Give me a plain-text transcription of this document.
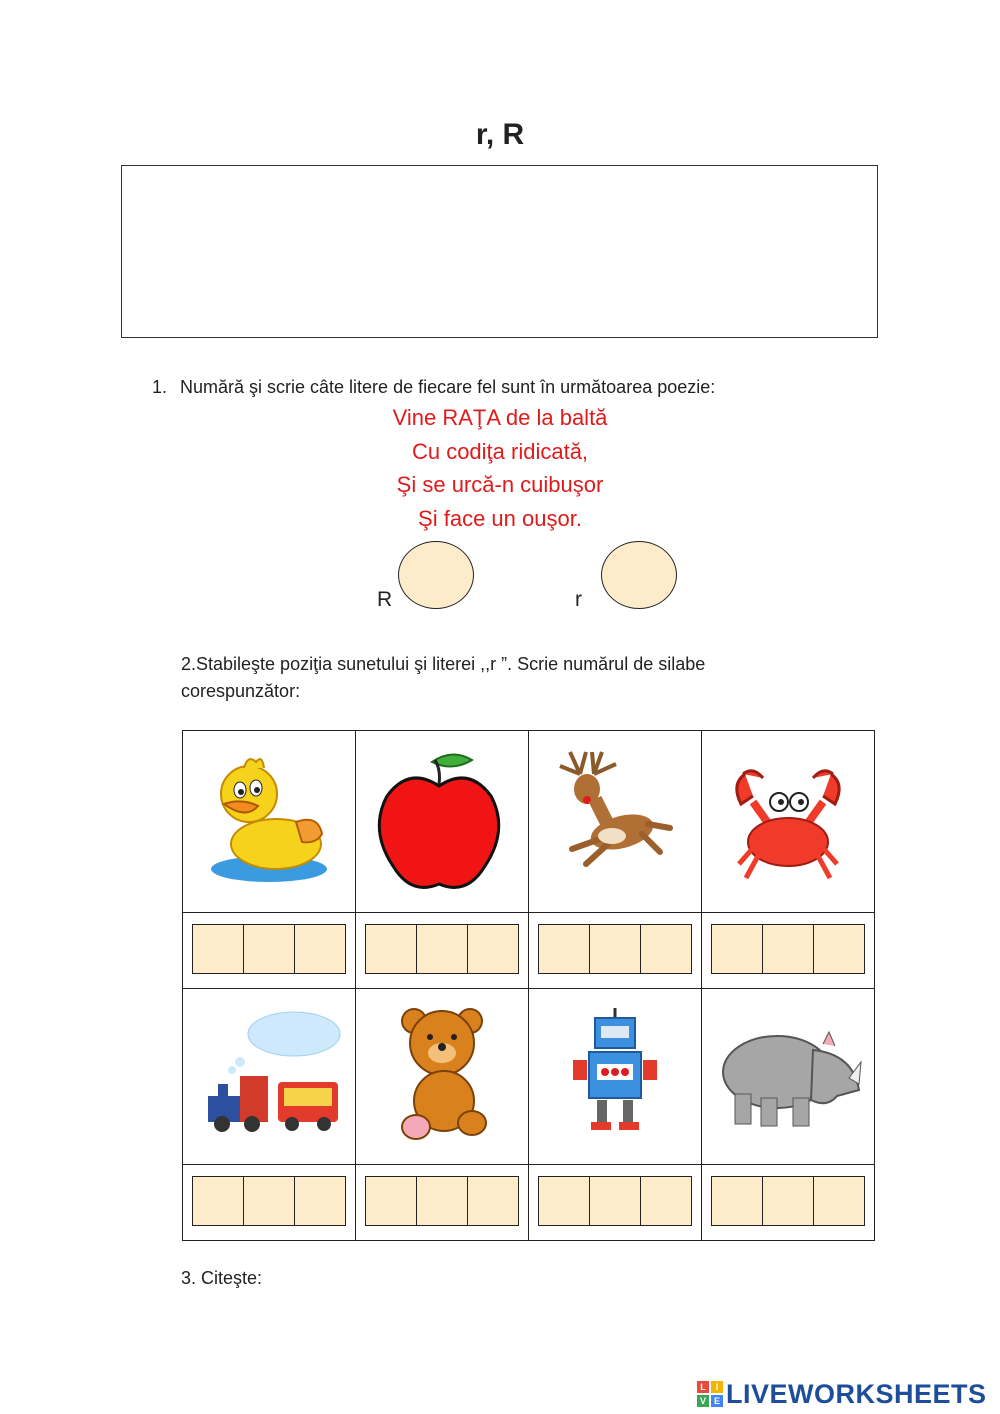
r, R
1. Numără şi scrie câte litere de fiecare fel sunt în următoarea poezie:
Vine RAŢA de la baltă
Cu codiţa ridicată,
Şi se urcă-n cuibuşor
Şi face un ouşor.
R	r
2.Stabileşte poziţia sunetului şi literei ,,r ”. Scrie numărul de silabe corespunzător:

3. Citeşte:
L	I
V E LIVEWORKSHEETS
